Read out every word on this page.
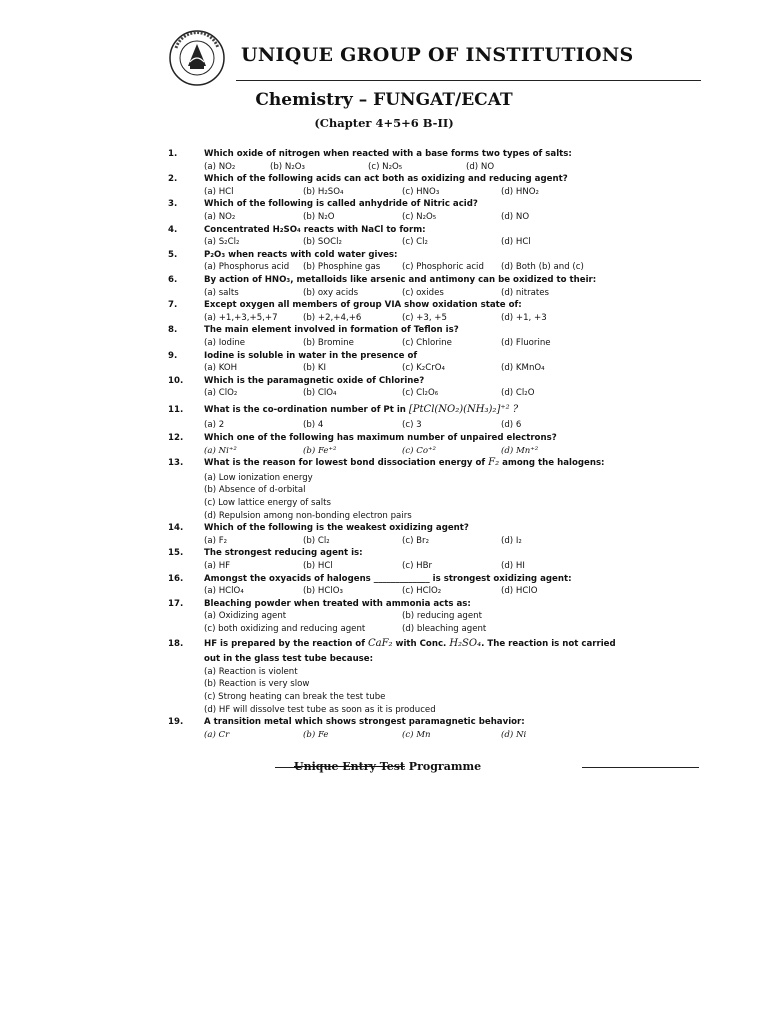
UNIQUE GROUP OF INSTITUTIONS
Chemistry – FUNGAT/ECAT
(Chapter 4+5+6 B-II)
1.	Which oxide of nitrogen when reacted with a base forms two types of salts:
(a) NO₂	(b) N₂O₃	(c) N₂O₅	(d) NO
2.	Which of the following acids can act both as oxidizing and reducing agent?
(a) HCl	(b) H₂SO₄	(c) HNO₃	(d) HNO₂
3.	Which of the following is called anhydride of Nitric acid?
(a) NO₂	(b) N₂O	(c) N₂O₅	(d) NO
4.	Concentrated H₂SO₄ reacts with NaCl to form:
(a) S₂Cl₂	(b) SOCl₂	(c) Cl₂	(d) HCl
5.	P₂O₃ when reacts with cold water gives:
(a) Phosphorus acid	(b) Phosphine gas	(c) Phosphoric acid	(d) Both (b) and (c)
6.	By action of HNO₃, metalloids like arsenic and antimony can be oxidized to their:
(a) salts	(b) oxy acids	(c) oxides	(d) nitrates
7.	Except oxygen all members of group VIA show oxidation state of:
(a) +1,+3,+5,+7	(b) +2,+4,+6	(c) +3, +5	(d) +1, +3
8.	The main element involved in formation of Teflon is?
(a) Iodine	(b) Bromine	(c) Chlorine	(d) Fluorine
9.	Iodine is soluble in water in the presence of
(a) KOH	(b) KI	(c) K₂CrO₄	(d) KMnO₄
10.	Which is the paramagnetic oxide of Chlorine?
(a) ClO₂	(b) ClO₄	(c) Cl₂O₆	(d) Cl₂O
11.	What is the co-ordination number of Pt in [PtCl(NO₂)(NH₃)₂]⁺² ?
(a) 2	(b) 4	(c) 3	(d) 6
12.	Which one of the following has maximum number of unpaired electrons?
(a) Ni⁺²	(b) Fe⁺²	(c) Co⁺²	(d) Mn⁺²
13.	What is the reason for lowest bond dissociation energy of F₂ among the halogens:
(a) Low ionization energy
(b) Absence of d-orbital
(c) Low lattice energy of salts
(d) Repulsion among non-bonding electron pairs
14.	Which of the following is the weakest oxidizing agent?
(a) F₂	(b) Cl₂	(c) Br₂	(d) I₂
15.	The strongest reducing agent is:
(a) HF	(b) HCl	(c) HBr	(d) HI
16.	Amongst the oxyacids of halogens _____________ is strongest oxidizing agent:
(a) HClO₄	(b) HClO₃	(c) HClO₂	(d) HClO
17.	Bleaching powder when treated with ammonia acts as:
(a) Oxidizing agent	(b) reducing agent
(c) both oxidizing and reducing agent	(d) bleaching agent
18.	HF is prepared by the reaction of CaF₂ with Conc. H₂SO₄. The reaction is not carried
out in the glass test tube because:
(a) Reaction is violent
(b) Reaction is very slow
(c) Strong heating can break the test tube
(d) HF will dissolve test tube as soon as it is produced
19.	A transition metal which shows strongest paramagnetic behavior:
(a) Cr	(b) Fe	(c) Mn	(d) Ni
Unique Entry Test Programme
